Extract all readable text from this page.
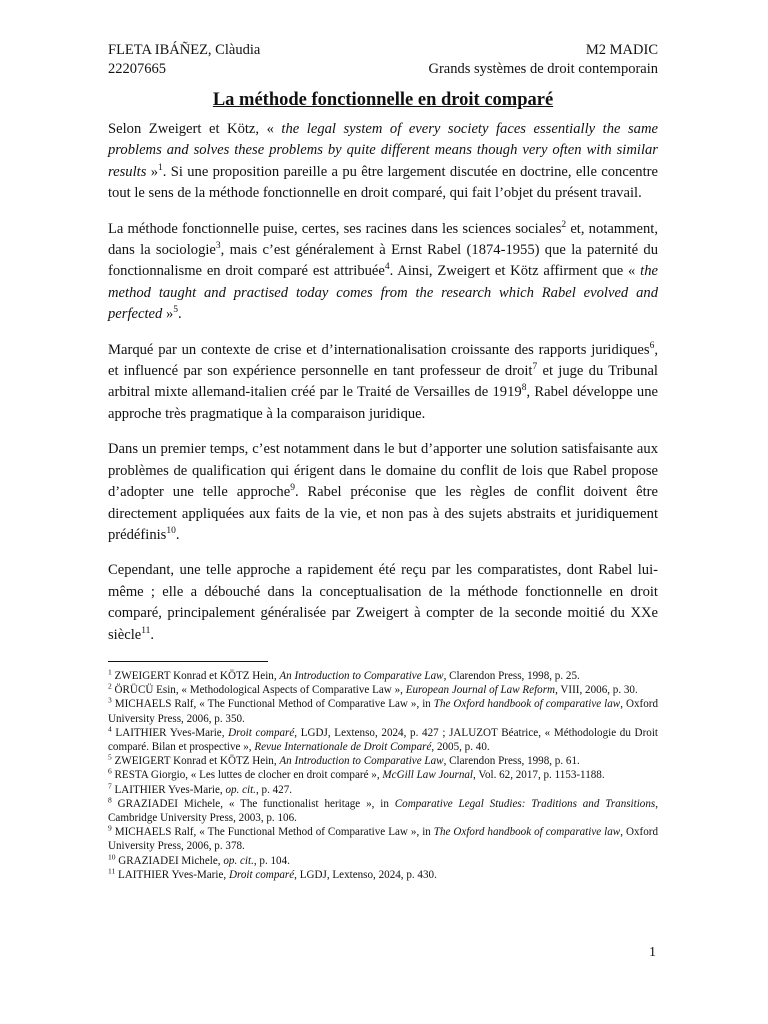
FLETA IBÁÑEZ, Clàudia
22207665
M2 MADIC
Grands systèmes de droit contemporain
La méthode fonctionnelle en droit comparé

Selon Zweigert et Kötz, « the legal system of every society faces essentially the same problems and solves these problems by quite different means though very often with similar results »$^1$. Si une proposition pareille a pu être largement discutée en doctrine, elle concentre tout le sens de la méthode fonctionnelle en droit comparé, qui fait l’objet du présent travail.

La méthode fonctionnelle puise, certes, ses racines dans les sciences sociales$^2$ et, notamment, dans la sociologie$^3$, mais c’est généralement à Ernst Rabel (1874-1955) que la paternité du fonctionnalisme en droit comparé est attribuée$^4$. Ainsi, Zweigert et Kötz affirment que « the method taught and practised today comes from the research which Rabel evolved and perfected »$^5$.

Marqué par un contexte de crise et d’internationalisation croissante des rapports juridiques$^6$, et influencé par son expérience personnelle en tant professeur de droit$^7$ et juge du Tribunal arbitral mixte allemand-italien créé par le Traité de Versailles de 1919$^8$, Rabel développe une approche très pragmatique à la comparaison juridique.

Dans un premier temps, c’est notamment dans le but d’apporter une solution satisfaisante aux problèmes de qualification qui érigent dans le domaine du conflit de lois que Rabel propose d’adopter une telle approche$^9$. Rabel préconise que les règles de conflit doivent être directement appliquées aux faits de la vie, et non pas à des sujets abstraits et juridiquement prédéfinis$^{10}$.

Cependant, une telle approche a rapidement été reçu par les comparatistes, dont Rabel lui-même ; elle a débouché dans la conceptualisation de la méthode fonctionnelle en droit comparé, principalement généralisée par Zweigert à compter de la seconde moitié du XXe siècle$^{11}$.

$^1$ ZWEIGERT Konrad et KÖTZ Hein, An Introduction to Comparative Law, Clarendon Press, 1998, p. 25.

$^2$ ÖRÜCÜ Esin, « Methodological Aspects of Comparative Law », European Journal of Law Reform, VIII, 2006, p. 30.

$^3$ MICHAELS Ralf, « The Functional Method of Comparative Law », in The Oxford handbook of comparative law, Oxford University Press, 2006, p. 350.

$^4$ LAITHIER Yves-Marie, Droit comparé, LGDJ, Lextenso, 2024, p. 427 ; JALUZOT Béatrice, « Méthodologie du Droit comparé. Bilan et prospective », Revue Internationale de Droit Comparé, 2005, p. 40.

$^5$ ZWEIGERT Konrad et KÖTZ Hein, An Introduction to Comparative Law, Clarendon Press, 1998, p. 61.

$^6$ RESTA Giorgio, « Les luttes de clocher en droit comparé », McGill Law Journal, Vol. 62, 2017, p. 1153-1188.

$^7$ LAITHIER Yves-Marie, op. cit., p. 427.

$^8$ GRAZIADEI Michele, « The functionalist heritage », in Comparative Legal Studies: Traditions and Transitions, Cambridge University Press, 2003, p. 106.

$^9$ MICHAELS Ralf, « The Functional Method of Comparative Law », in The Oxford handbook of comparative law, Oxford University Press, 2006, p. 378.

$^{10}$ GRAZIADEI Michele, op. cit., p. 104.

$^{11}$ LAITHIER Yves-Marie, Droit comparé, LGDJ, Lextenso, 2024, p. 430.

1
